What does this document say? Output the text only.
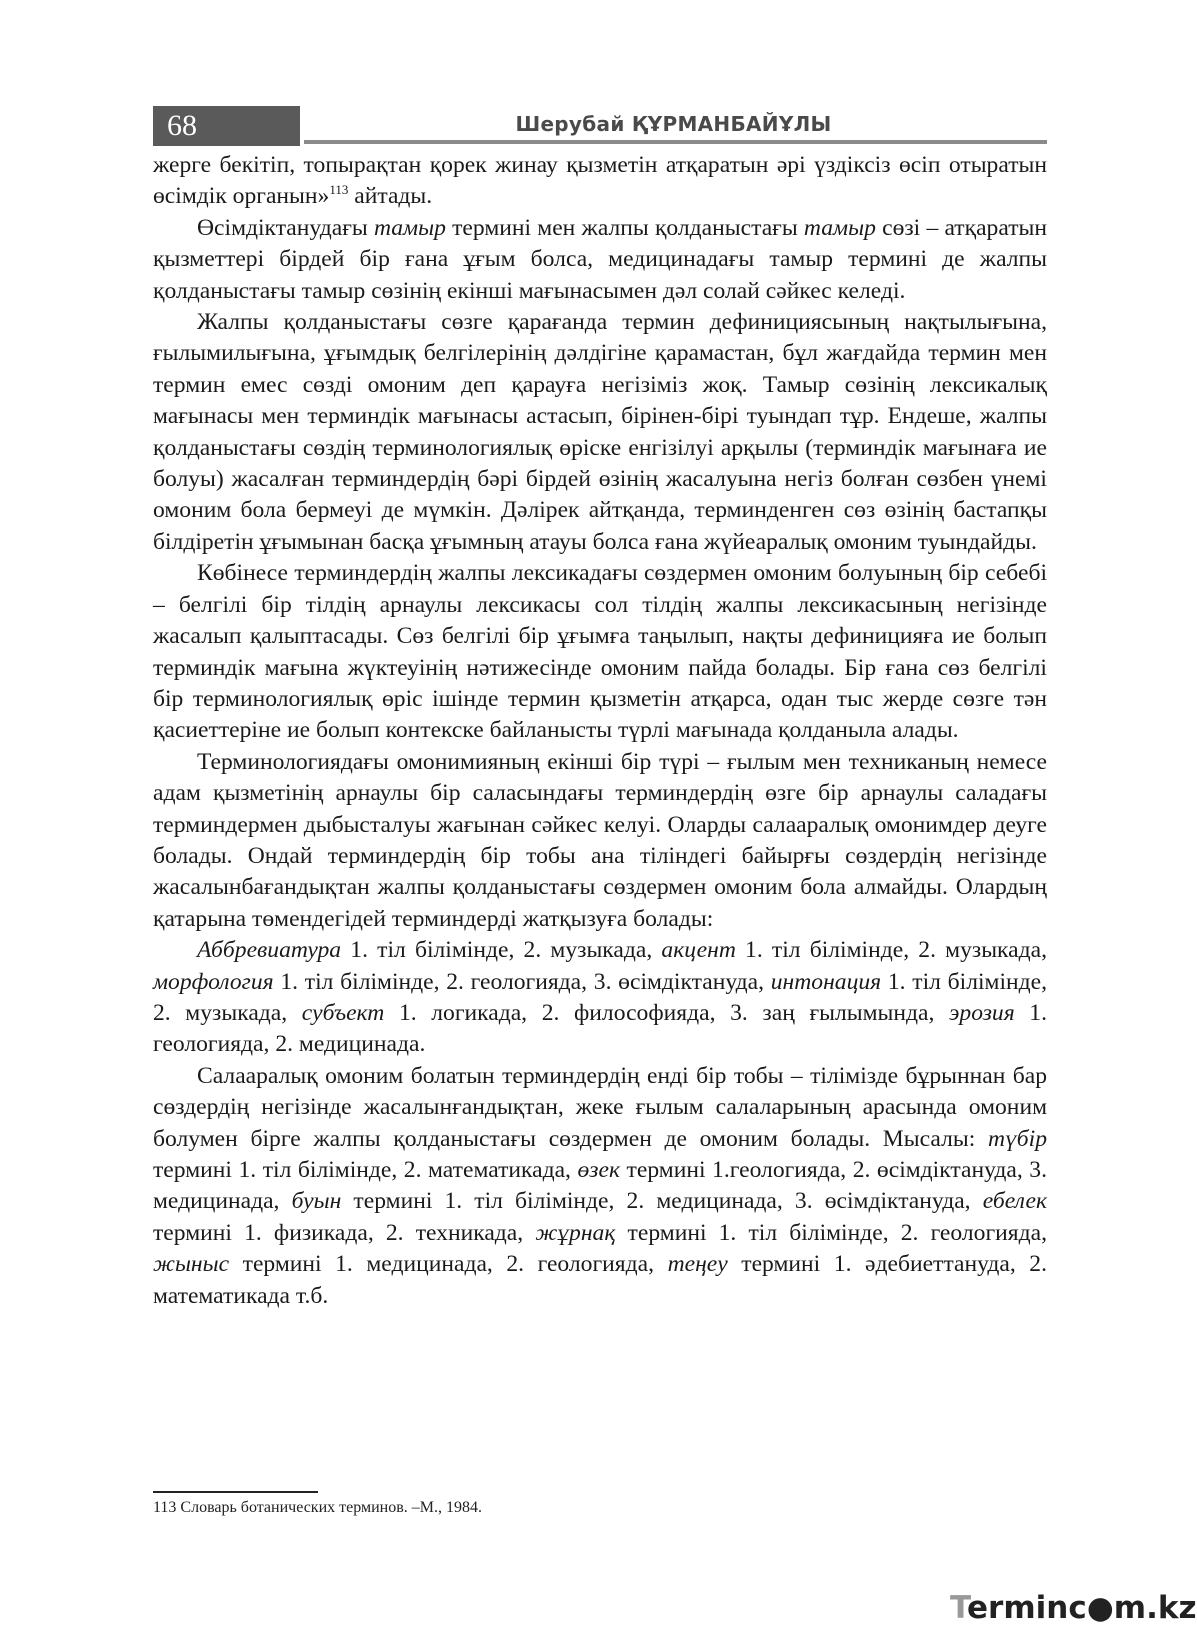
68	Шерубай ҚҰРМАНБАЙҰЛЫ

жерге бекітіп, топырақтан қорек жинау қызметін атқаратын әрі үздіксіз өсіп отыратын өсімдік органын»$^{113}$ айтады.

Өсімдіктанудағы тамыр термині мен жалпы қолданыстағы тамыр сөзі – атқаратын қызметтері бірдей бір ғана ұғым болса, медицинадағы тамыр термині де жалпы қолданыстағы тамыр сөзінің екінші мағынасымен дәл солай сәйкес келеді.

Жалпы қолданыстағы сөзге қарағанда термин дефинициясының нақтылығына, ғылымилығына, ұғымдық белгілерінің дәлдігіне қарамастан, бұл жағдайда термин мен термин емес сөзді омоним деп қарауға негізіміз жоқ. Тамыр сөзінің лексикалық мағынасы мен терминдік мағынасы астасып, бірінен-бірі туындап тұр. Ендеше, жалпы қолданыстағы сөздің терминологиялық өріске енгізілуі арқылы (терминдік мағынаға ие болуы) жасалған терминдердің бәрі бірдей өзінің жасалуына негіз болған сөзбен үнемі омоним бола бермеуі де мүмкін. Дәлірек айтқанда, терминденген сөз өзінің бастапқы білдіретін ұғымынан басқа ұғымның атауы болса ғана жүйеаралық омоним туындайды.

Көбінесе терминдердің жалпы лексикадағы сөздермен омоним болуының бір себебі – белгілі бір тілдің арнаулы лексикасы сол тілдің жалпы лексикасының негізінде жасалып қалыптасады. Сөз белгілі бір ұғымға таңылып, нақты дефиницияға ие болып терминдік мағына жүктеуінің нәтижесінде омоним пайда болады. Бір ғана сөз белгілі бір терминологиялық өріс ішінде термин қызметін атқарса, одан тыс жерде сөзге тән қасиеттеріне ие болып контекске байланысты түрлі мағынада қолданыла алады.

Терминологиядағы омонимияның екінші бір түрі – ғылым мен техниканың немесе адам қызметінің арнаулы бір саласындағы терминдердің өзге бір арнаулы саладағы терминдермен дыбысталуы жағынан сәйкес келуі. Оларды салааралық омонимдер деуге болады. Ондай терминдердің бір тобы ана тіліндегі байырғы сөздердің негізінде жасалынбағандықтан жалпы қолданыстағы сөздермен омоним бола алмайды. Олардың қатарына төмендегідей терминдерді жатқызуға болады:

Аббревиатура 1. тіл білімінде, 2. музыкада, акцент 1. тіл білімінде, 2. музыкада, морфология 1. тіл білімінде, 2. геологияда, 3. өсімдіктануда, интонация 1. тіл білімінде, 2. музыкада, субъект 1. логикада, 2. философияда, 3. заң ғылымында, эрозия 1. геологияда, 2. медицинада.

Салааралық омоним болатын терминдердің енді бір тобы – тілімізде бұрыннан бар сөздердің негізінде жасалынғандықтан, жеке ғылым салаларының арасында омоним болумен бірге жалпы қолданыстағы сөздермен де омоним болады. Мысалы: түбір термині 1. тіл білімінде, 2. математикада, өзек термині 1.геологияда, 2. өсімдіктануда, 3. медицинада, буын термині 1. тіл білімінде, 2. медицинада, 3. өсімдіктануда, ебелек термині 1. физикада, 2. техникада, жұрнақ термині 1. тіл білімінде, 2. геологияда, жыныс термині 1. медицинада, 2. геологияда, теңеу термині 1. әдебиеттануда, 2. математикада т.б.

113 Словарь ботанических терминов. –М., 1984.
Terminc●m.kz
